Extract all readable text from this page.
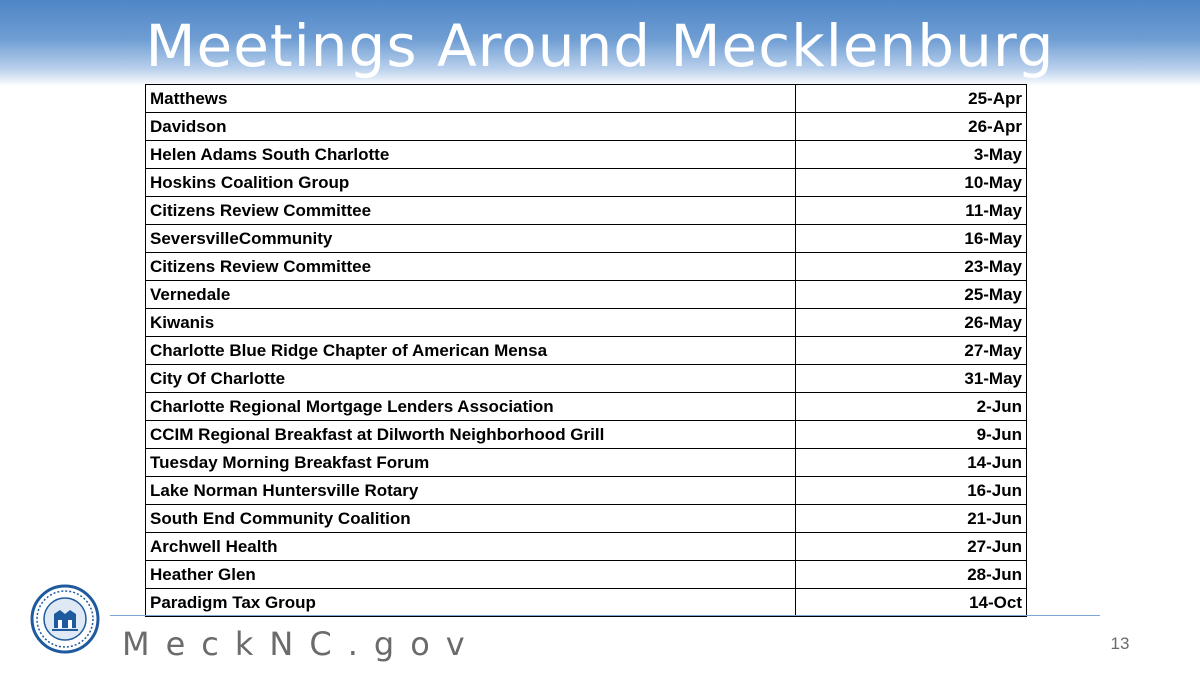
Meetings Around Mecklenburg
Matthews	25-Apr
Davidson	26-Apr
Helen Adams South Charlotte	3-May
Hoskins Coalition Group	10-May
Citizens Review Committee	11-May
SeversvilleCommunity	16-May
Citizens Review Committee	23-May
Vernedale	25-May
Kiwanis	26-May
Charlotte Blue Ridge Chapter of American Mensa	27-May
City Of Charlotte	31-May
Charlotte Regional Mortgage Lenders Association	2-Jun
CCIM Regional Breakfast at Dilworth Neighborhood Grill	9-Jun
Tuesday Morning Breakfast Forum	14-Jun
Lake Norman Huntersville Rotary	16-Jun
South End Community Coalition	21-Jun
Archwell Health	27-Jun
Heather Glen	28-Jun
Paradigm Tax Group	14-Oct
MeckNC.gov	13
